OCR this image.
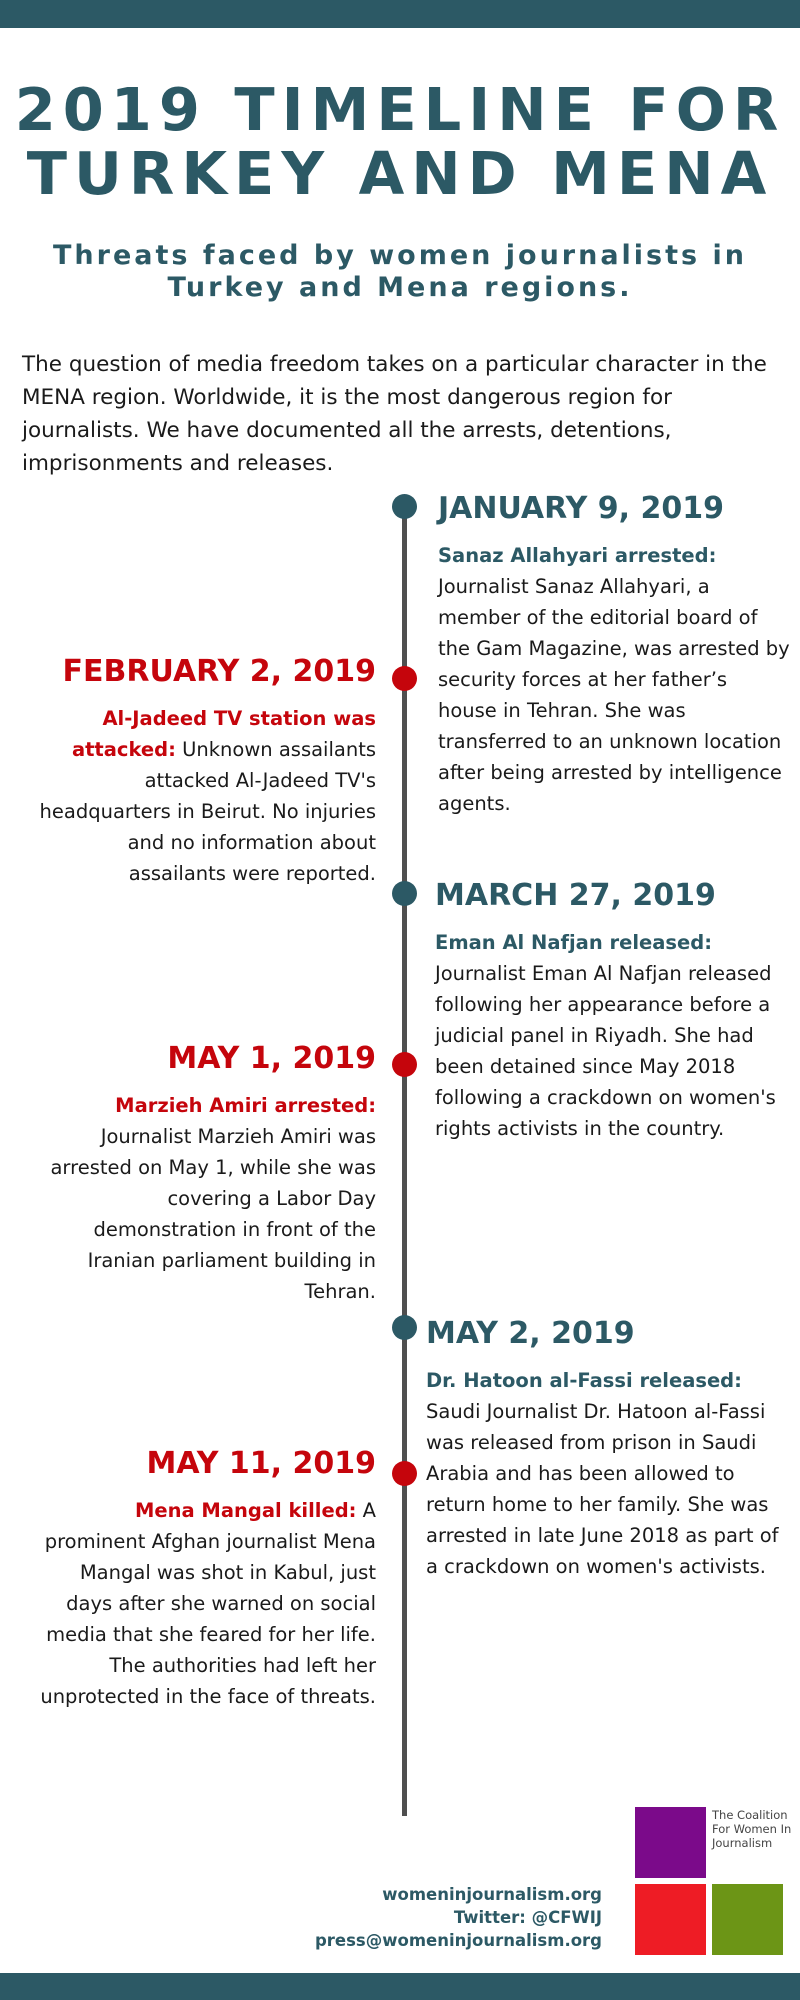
2019 TIMELINE FOR TURKEY AND MENA
Threats faced by women journalists in Turkey and Mena regions.

The question of media freedom takes on a particular character in the MENA region. Worldwide, it is the most dangerous region for journalists. We have documented all the arrests, detentions, imprisonments and releases.

JANUARY 9, 2019
Sanaz Allahyari arrested: Journalist Sanaz Allahyari, a member of the editorial board of the Gam Magazine, was arrested by security forces at her father’s house in Tehran. She was transferred to an unknown location after being arrested by intelligence agents.
FEBRUARY 2, 2019
Al-Jadeed TV station was attacked: Unknown assailants attacked Al-Jadeed TV's headquarters in Beirut. No injuries and no information about assailants were reported.
MARCH 27, 2019
Eman Al Nafjan released: Journalist Eman Al Nafjan released following her appearance before a judicial panel in Riyadh. She had been detained since May 2018 following a crackdown on women's rights activists in the country.
MAY 1, 2019
Marzieh Amiri arrested: Journalist Marzieh Amiri was arrested on May 1, while she was covering a Labor Day demonstration in front of the Iranian parliament building in Tehran.
MAY 2, 2019
Dr. Hatoon al-Fassi released: Saudi Journalist Dr. Hatoon al-Fassi was released from prison in Saudi Arabia and has been allowed to return home to her family. She was arrested in late June 2018 as part of a crackdown on women's activists.
MAY 11, 2019
Mena Mangal killed: A prominent Afghan journalist Mena Mangal was shot in Kabul, just days after she warned on social media that she feared for her life. The authorities had left her unprotected in the face of threats.
womeninjournalism.org
Twitter: @CFWIJ
press@womeninjournalism.org
The Coalition For Women In Journalism
